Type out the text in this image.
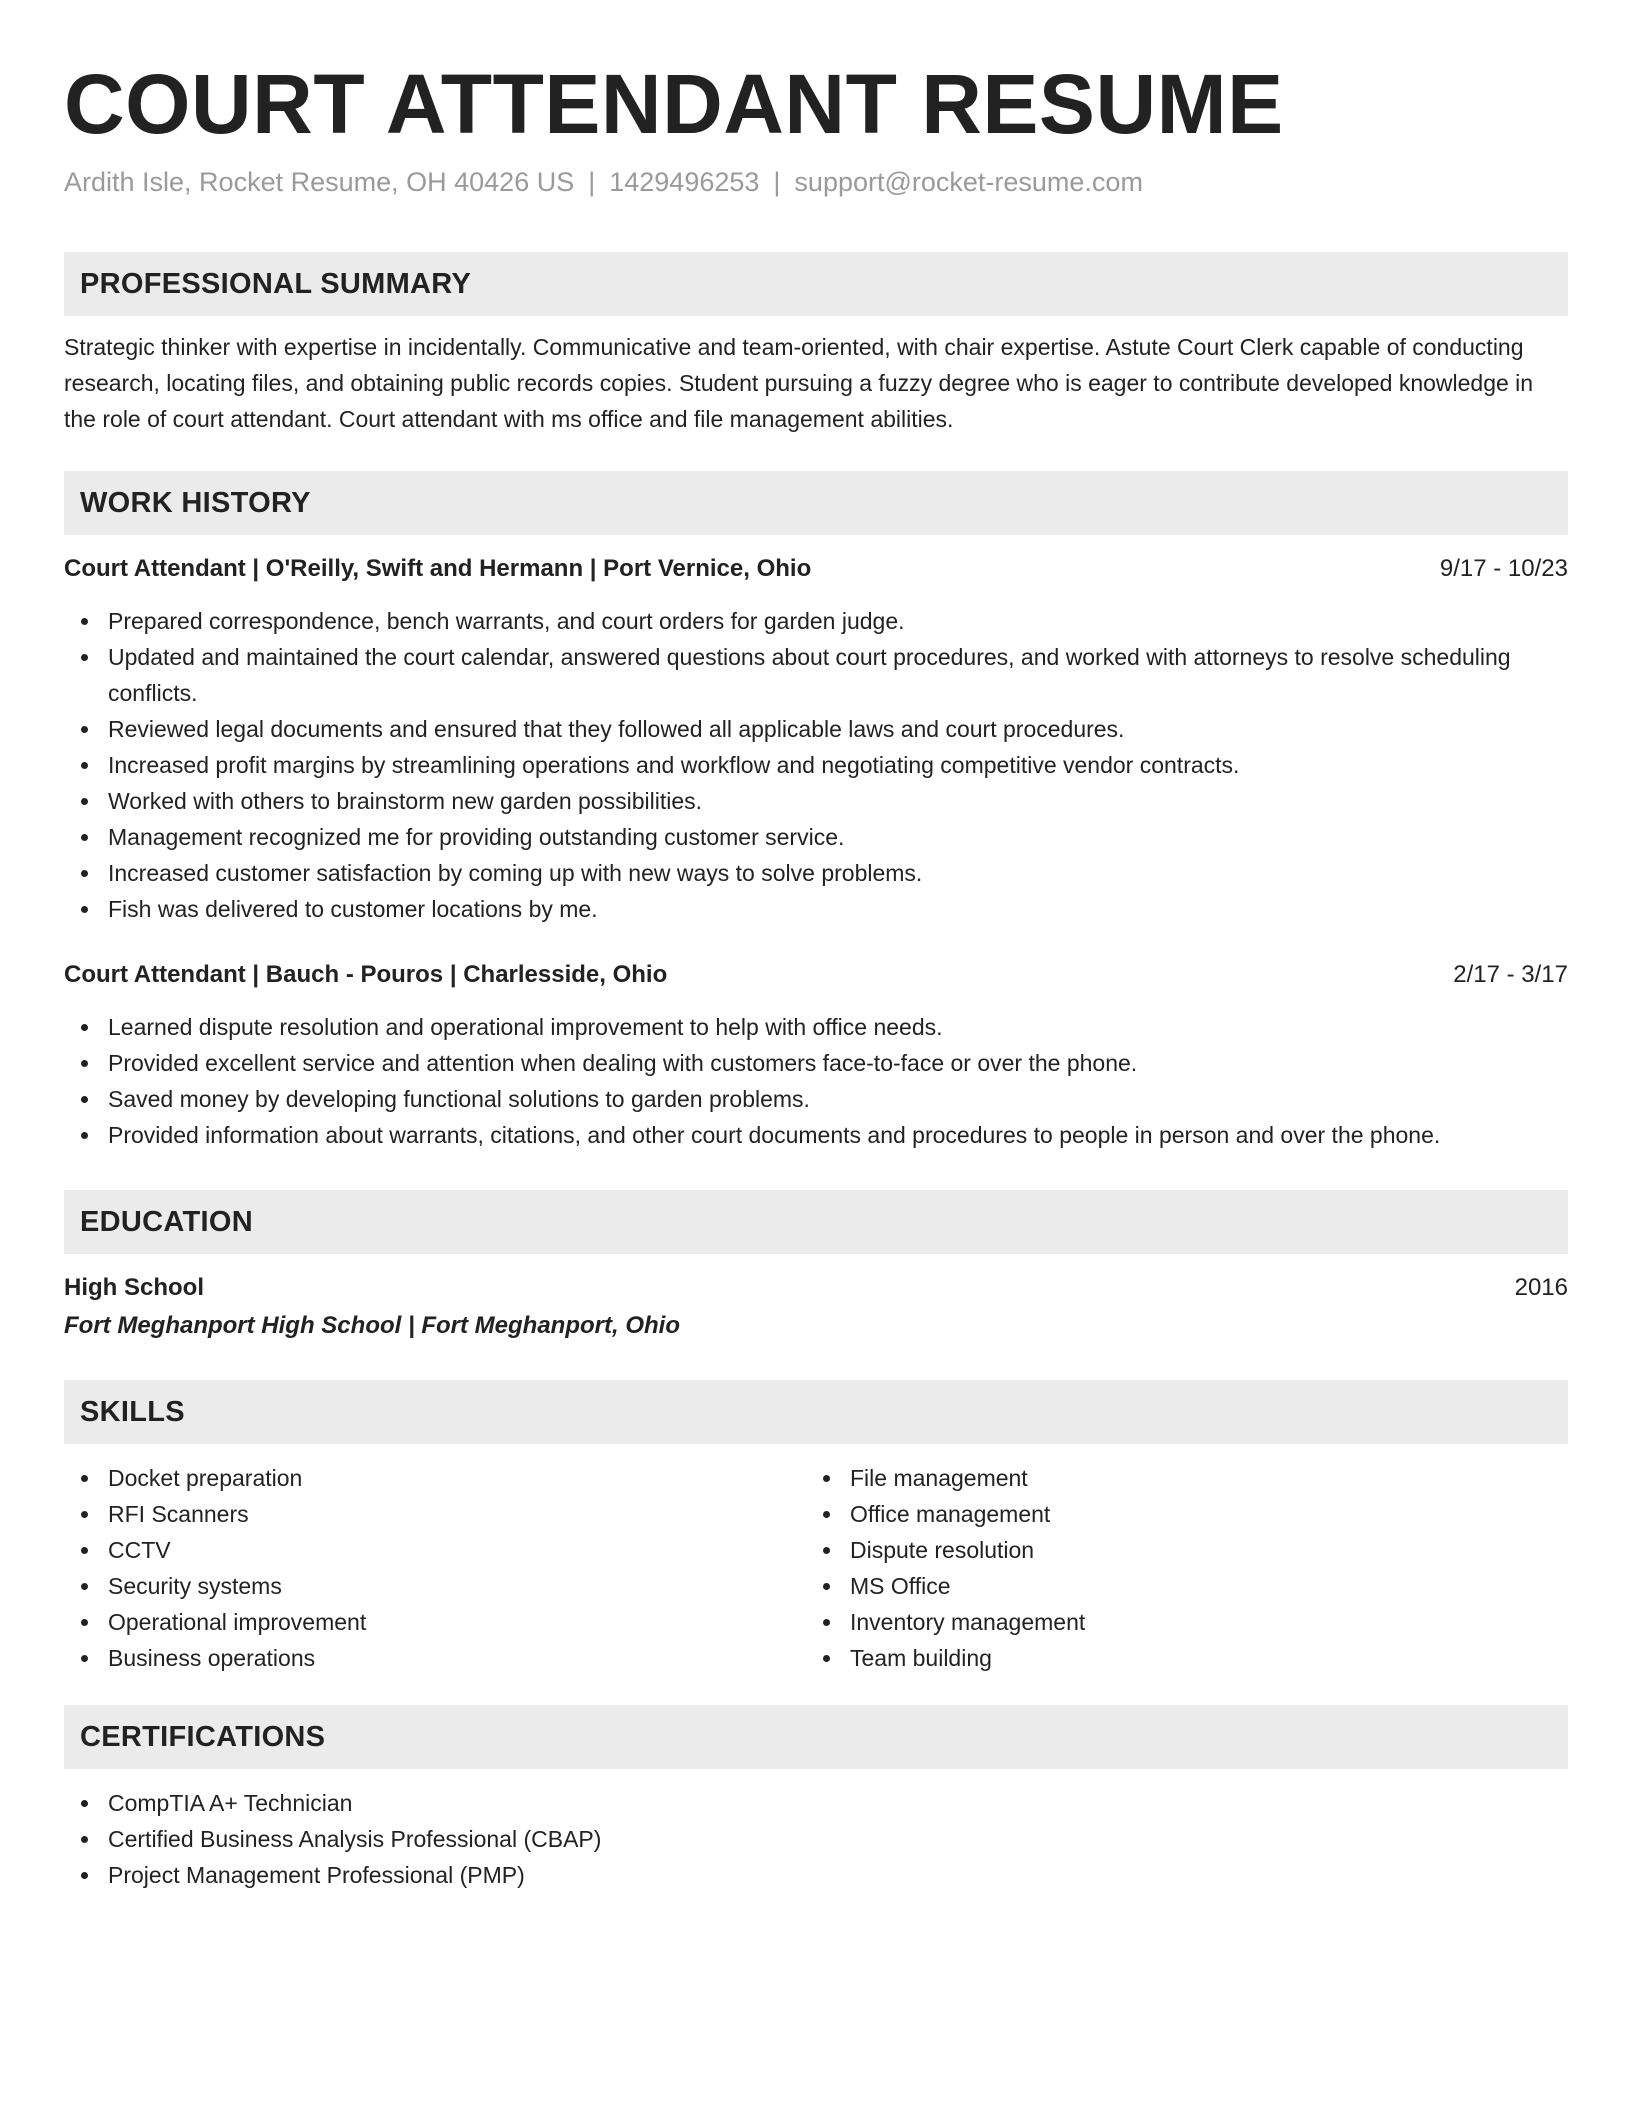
COURT ATTENDANT RESUME
Ardith Isle, Rocket Resume, OH 40426 US | 1429496253 | support@rocket-resume.com
PROFESSIONAL SUMMARY

Strategic thinker with expertise in incidentally. Communicative and team-oriented, with chair expertise. Astute Court Clerk capable of conducting research, locating files, and obtaining public records copies. Student pursuing a fuzzy degree who is eager to contribute developed knowledge in the role of court attendant. Court attendant with ms office and file management abilities.

WORK HISTORY
Court Attendant | O'Reilly, Swift and Hermann | Port Vernice, Ohio	9/17 - 10/23
Prepared correspondence, bench warrants, and court orders for garden judge.
Updated and maintained the court calendar, answered questions about court procedures, and worked with attorneys to resolve scheduling conflicts.
Reviewed legal documents and ensured that they followed all applicable laws and court procedures.
Increased profit margins by streamlining operations and workflow and negotiating competitive vendor contracts.
Worked with others to brainstorm new garden possibilities.
Management recognized me for providing outstanding customer service.
Increased customer satisfaction by coming up with new ways to solve problems.
Fish was delivered to customer locations by me.
Court Attendant | Bauch - Pouros | Charlesside, Ohio	2/17 - 3/17
Learned dispute resolution and operational improvement to help with office needs.
Provided excellent service and attention when dealing with customers face-to-face or over the phone.
Saved money by developing functional solutions to garden problems.
Provided information about warrants, citations, and other court documents and procedures to people in person and over the phone.
EDUCATION
High School	2016
Fort Meghanport High School | Fort Meghanport, Ohio
SKILLS
Docket preparation
RFI Scanners
CCTV
Security systems
Operational improvement
Business operations
File management
Office management
Dispute resolution
MS Office
Inventory management
Team building
CERTIFICATIONS
CompTIA A+ Technician
Certified Business Analysis Professional (CBAP)
Project Management Professional (PMP)
